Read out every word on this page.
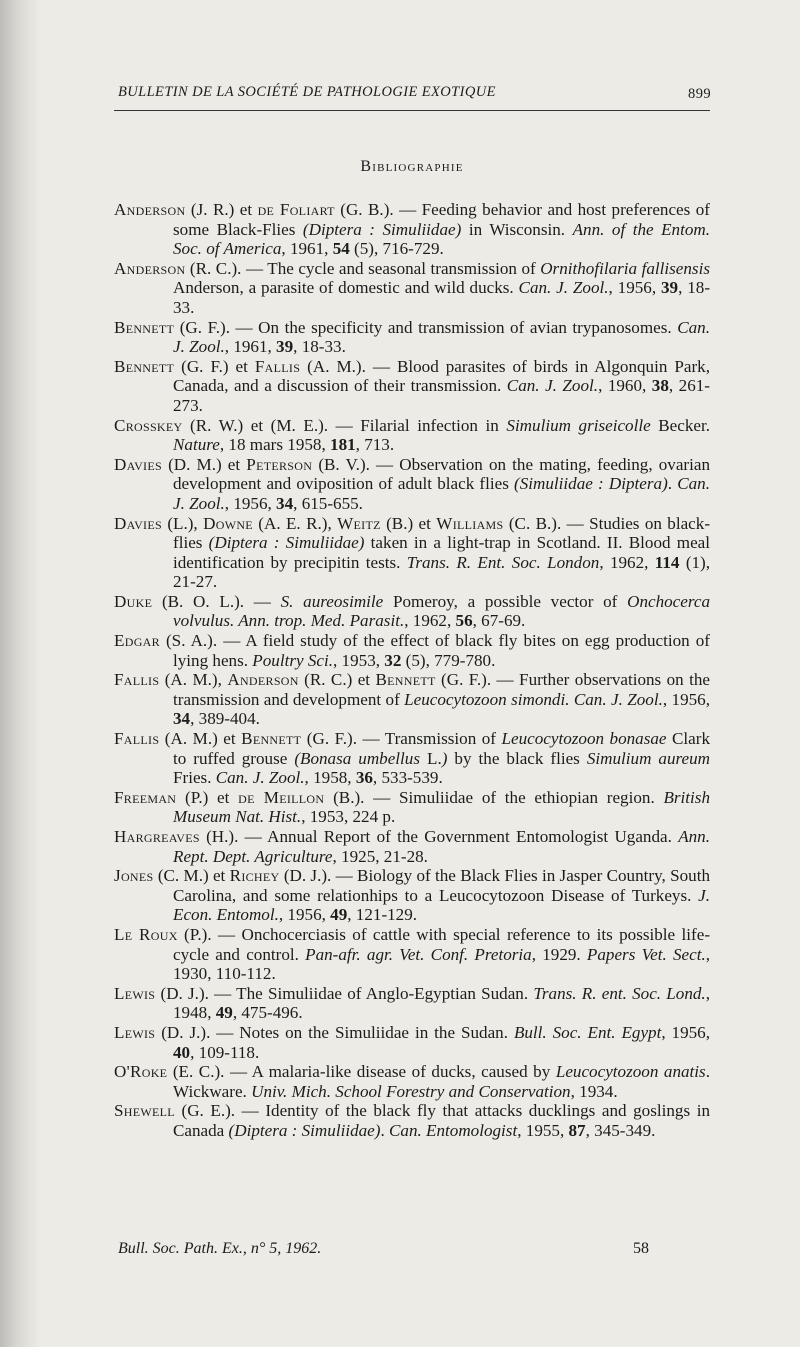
BULLETIN DE LA SOCIÉTÉ DE PATHOLOGIE EXOTIQUE	899
Bibliographie

Anderson (J. R.) et de Foliart (G. B.). — Feeding behavior and host preferences of some Black-Flies (Diptera : Simuliidae) in Wisconsin. Ann. of the Entom. Soc. of America, 1961, 54 (5), 716-729.

Anderson (R. C.). — The cycle and seasonal transmission of Ornithofilaria fallisensis Anderson, a parasite of domestic and wild ducks. Can. J. Zool., 1956, 39, 18-33.

Bennett (G. F.). — On the specificity and transmission of avian trypanosomes. Can. J. Zool., 1961, 39, 18-33.

Bennett (G. F.) et Fallis (A. M.). — Blood parasites of birds in Algonquin Park, Canada, and a discussion of their transmission. Can. J. Zool., 1960, 38, 261-273.

Crosskey (R. W.) et (M. E.). — Filarial infection in Simulium griseicolle Becker. Nature, 18 mars 1958, 181, 713.

Davies (D. M.) et Peterson (B. V.). — Observation on the mating, feeding, ovarian development and oviposition of adult black flies (Simuliidae : Diptera). Can. J. Zool., 1956, 34, 615-655.

Davies (L.), Downe (A. E. R.), Weitz (B.) et Williams (C. B.). — Studies on black-flies (Diptera : Simuliidae) taken in a light-trap in Scotland. II. Blood meal identification by precipitin tests. Trans. R. Ent. Soc. London, 1962, 114 (1), 21-27.

Duke (B. O. L.). — S. aureosimile Pomeroy, a possible vector of Onchocerca volvulus. Ann. trop. Med. Parasit., 1962, 56, 67-69.

Edgar (S. A.). — A field study of the effect of black fly bites on egg production of lying hens. Poultry Sci., 1953, 32 (5), 779-780.

Fallis (A. M.), Anderson (R. C.) et Bennett (G. F.). — Further observations on the transmission and development of Leucocytozoon simondi. Can. J. Zool., 1956, 34, 389-404.

Fallis (A. M.) et Bennett (G. F.). — Transmission of Leucocytozoon bonasae Clark to ruffed grouse (Bonasa umbellus L.) by the black flies Simulium aureum Fries. Can. J. Zool., 1958, 36, 533-539.

Freeman (P.) et de Meillon (B.). — Simuliidae of the ethiopian region. British Museum Nat. Hist., 1953, 224 p.

Hargreaves (H.). — Annual Report of the Government Entomologist Uganda. Ann. Rept. Dept. Agriculture, 1925, 21-28.

Jones (C. M.) et Richey (D. J.). — Biology of the Black Flies in Jasper Country, South Carolina, and some relationhips to a Leucocytozoon Disease of Turkeys. J. Econ. Entomol., 1956, 49, 121-129.

Le Roux (P.). — Onchocerciasis of cattle with special reference to its possible life-cycle and control. Pan-afr. agr. Vet. Conf. Pretoria, 1929. Papers Vet. Sect., 1930, 110-112.

Lewis (D. J.). — The Simuliidae of Anglo-Egyptian Sudan. Trans. R. ent. Soc. Lond., 1948, 49, 475-496.

Lewis (D. J.). — Notes on the Simuliidae in the Sudan. Bull. Soc. Ent. Egypt, 1956, 40, 109-118.

O'Roke (E. C.). — A malaria-like disease of ducks, caused by Leucocytozoon anatis. Wickware. Univ. Mich. School Forestry and Conservation, 1934.

Shewell (G. E.). — Identity of the black fly that attacks ducklings and goslings in Canada (Diptera : Simuliidae). Can. Entomologist, 1955, 87, 345-349.

Bull. Soc. Path. Ex., n° 5, 1962.	58
